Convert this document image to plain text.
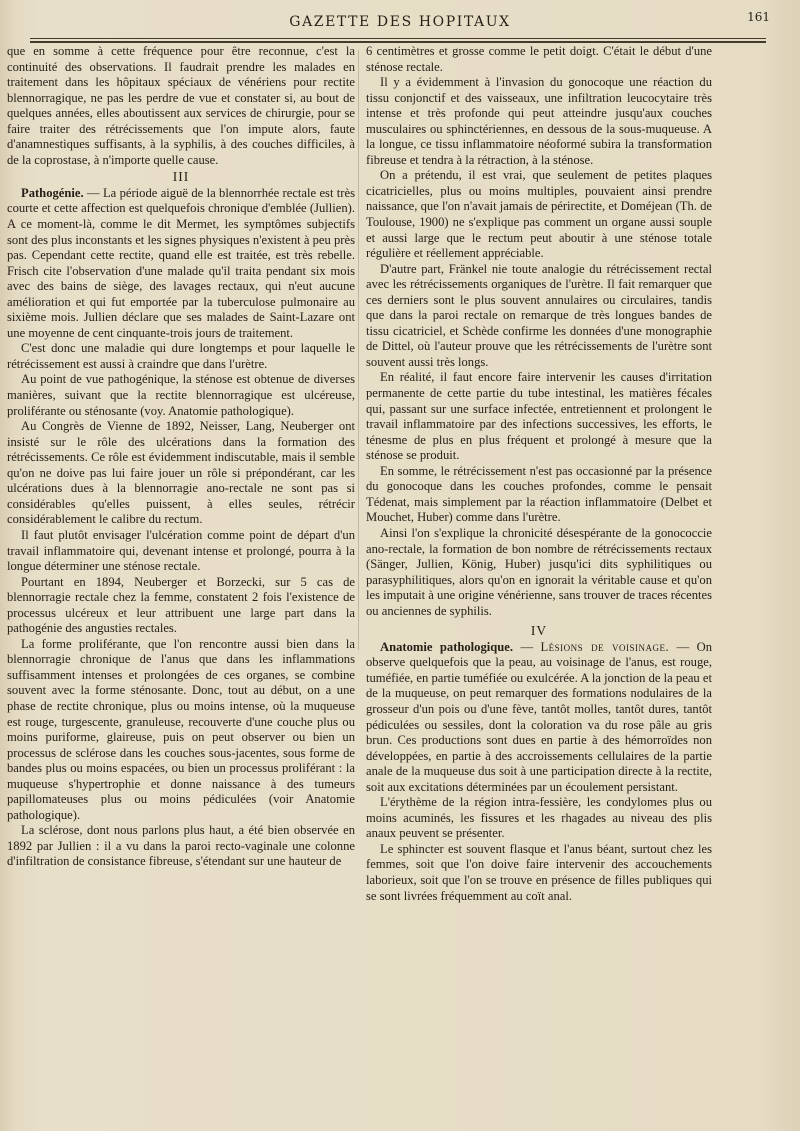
GAZETTE DES HOPITAUX	161

que en somme à cette fréquence pour être reconnue, c'est la continuité des observations. Il faudrait prendre les malades en traitement dans les hôpitaux spéciaux de vénériens pour rectite blennorragique, ne pas les perdre de vue et constater si, au bout de quelques années, elles aboutissent aux services de chirurgie, pour se faire traiter des rétrécissements que l'on impute alors, faute d'anamnestiques suffisants, à la syphilis, à des couches difficiles, à de la coprostase, à n'importe quelle cause.

III

Pathogénie. — La période aiguë de la blennorrhée rectale est très courte et cette affection est quelquefois chronique d'emblée (Jullien). A ce moment-là, comme le dit Mermet, les symptômes subjectifs sont des plus inconstants et les signes physiques n'existent à peu près pas. Cependant cette rectite, quand elle est traitée, est très rebelle. Frisch cite l'observation d'une malade qu'il traita pendant six mois avec des bains de siège, des lavages rectaux, qui n'eut aucune amélioration et qui fut emportée par la tuberculose pulmonaire au sixième mois. Jullien déclare que ses malades de Saint-Lazare ont une moyenne de cent cinquante-trois jours de traitement.

C'est donc une maladie qui dure longtemps et pour laquelle le rétrécissement est aussi à craindre que dans l'urètre.

Au point de vue pathogénique, la sténose est obtenue de diverses manières, suivant que la rectite blennorragique est ulcéreuse, proliférante ou sténosante (voy. Anatomie pathologique).

Au Congrès de Vienne de 1892, Neisser, Lang, Neuberger ont insisté sur le rôle des ulcérations dans la formation des rétrécissements. Ce rôle est évidemment indiscutable, mais il semble qu'on ne doive pas lui faire jouer un rôle si prépondérant, car les ulcérations dues à la blennorragie ano-rectale ne sont pas si considérables qu'elles puissent, à elles seules, rétrécir considérablement le calibre du rectum.

Il faut plutôt envisager l'ulcération comme point de départ d'un travail inflammatoire qui, devenant intense et prolongé, pourra à la longue déterminer une sténose rectale.

Pourtant en 1894, Neuberger et Borzecki, sur 5 cas de blennorragie rectale chez la femme, constatent 2 fois l'existence de processus ulcéreux et leur attribuent une large part dans la pathogénie des angusties rectales.

La forme proliférante, que l'on rencontre aussi bien dans la blennorragie chronique de l'anus que dans les inflammations suffisamment intenses et prolongées de ces organes, se combine souvent avec la forme sténosante. Donc, tout au début, on a une phase de rectite chronique, plus ou moins intense, où la muqueuse est rouge, turgescente, granuleuse, recouverte d'une couche plus ou moins puriforme, glaireuse, puis on peut observer ou bien un processus de sclérose dans les couches sous-jacentes, sous forme de bandes plus ou moins espacées, ou bien un processus proliférant : la muqueuse s'hypertrophie et donne naissance à des tumeurs papillomateuses plus ou moins pédiculées (voir Anatomie pathologique).

La sclérose, dont nous parlons plus haut, a été bien observée en 1892 par Jullien : il a vu dans la paroi recto-vaginale une colonne d'infiltration de consistance fibreuse, s'étendant sur une hauteur de

6 centimètres et grosse comme le petit doigt. C'était le début d'une sténose rectale.

Il y a évidemment à l'invasion du gonocoque une réaction du tissu conjonctif et des vaisseaux, une infiltration leucocytaire très intense et très profonde qui peut atteindre jusqu'aux couches musculaires ou sphinctériennes, en dessous de la sous-muqueuse. A la longue, ce tissu inflammatoire néoformé subira la transformation fibreuse et tendra à la rétraction, à la sténose.

On a prétendu, il est vrai, que seulement de petites plaques cicatricielles, plus ou moins multiples, pouvaient ainsi prendre naissance, que l'on n'avait jamais de périrectite, et Doméjean (Th. de Toulouse, 1900) ne s'explique pas comment un organe aussi souple et aussi large que le rectum peut aboutir à une sténose totale régulière et réellement appréciable.

D'autre part, Fränkel nie toute analogie du rétrécissement rectal avec les rétrécissements organiques de l'urètre. Il fait remarquer que ces derniers sont le plus souvent annulaires ou circulaires, tandis que dans la paroi rectale on remarque de très longues bandes de tissu cicatriciel, et Schède confirme les données d'une monographie de Dittel, où l'auteur prouve que les rétrécissements de l'urètre sont souvent aussi très longs.

En réalité, il faut encore faire intervenir les causes d'irritation permanente de cette partie du tube intestinal, les matières fécales qui, passant sur une surface infectée, entretiennent et prolongent le travail inflammatoire par des infections successives, les efforts, le ténesme de plus en plus fréquent et prolongé à mesure que la sténose se produit.

En somme, le rétrécissement n'est pas occasionné par la présence du gonocoque dans les couches profondes, comme le pensait Tédenat, mais simplement par la réaction inflammatoire (Delbet et Mouchet, Huber) comme dans l'urètre.

Ainsi l'on s'explique la chronicité désespérante de la gonococcie ano-rectale, la formation de bon nombre de rétrécissements rectaux (Sänger, Jullien, König, Huber) jusqu'ici dits syphilitiques ou parasyphilitiques, alors qu'on en ignorait la véritable cause et qu'on les imputait à une origine vénérienne, sans trouver de traces récentes ou anciennes de syphilis.

IV

Anatomie pathologique. — Lésions de voisinage. — On observe quelquefois que la peau, au voisinage de l'anus, est rouge, tuméfiée, en partie tuméfiée ou exulcérée. A la jonction de la peau et de la muqueuse, on peut remarquer des formations nodulaires de la grosseur d'un pois ou d'une fève, tantôt molles, tantôt dures, tantôt pédiculées ou sessiles, dont la coloration va du rose pâle au gris brun. Ces productions sont dues en partie à des hémorroïdes non développées, en partie à des accroissements cellulaires de la partie anale de la muqueuse dus soit à une participation directe à la rectite, soit aux excitations déterminées par un écoulement persistant.

L'érythème de la région intra-fessière, les condylomes plus ou moins acuminés, les fissures et les rhagades au niveau des plis anaux peuvent se présenter.

Le sphincter est souvent flasque et l'anus béant, surtout chez les femmes, soit que l'on doive faire intervenir des accouchements laborieux, soit que l'on se trouve en présence de filles publiques qui se sont livrées fréquemment au coït anal.
